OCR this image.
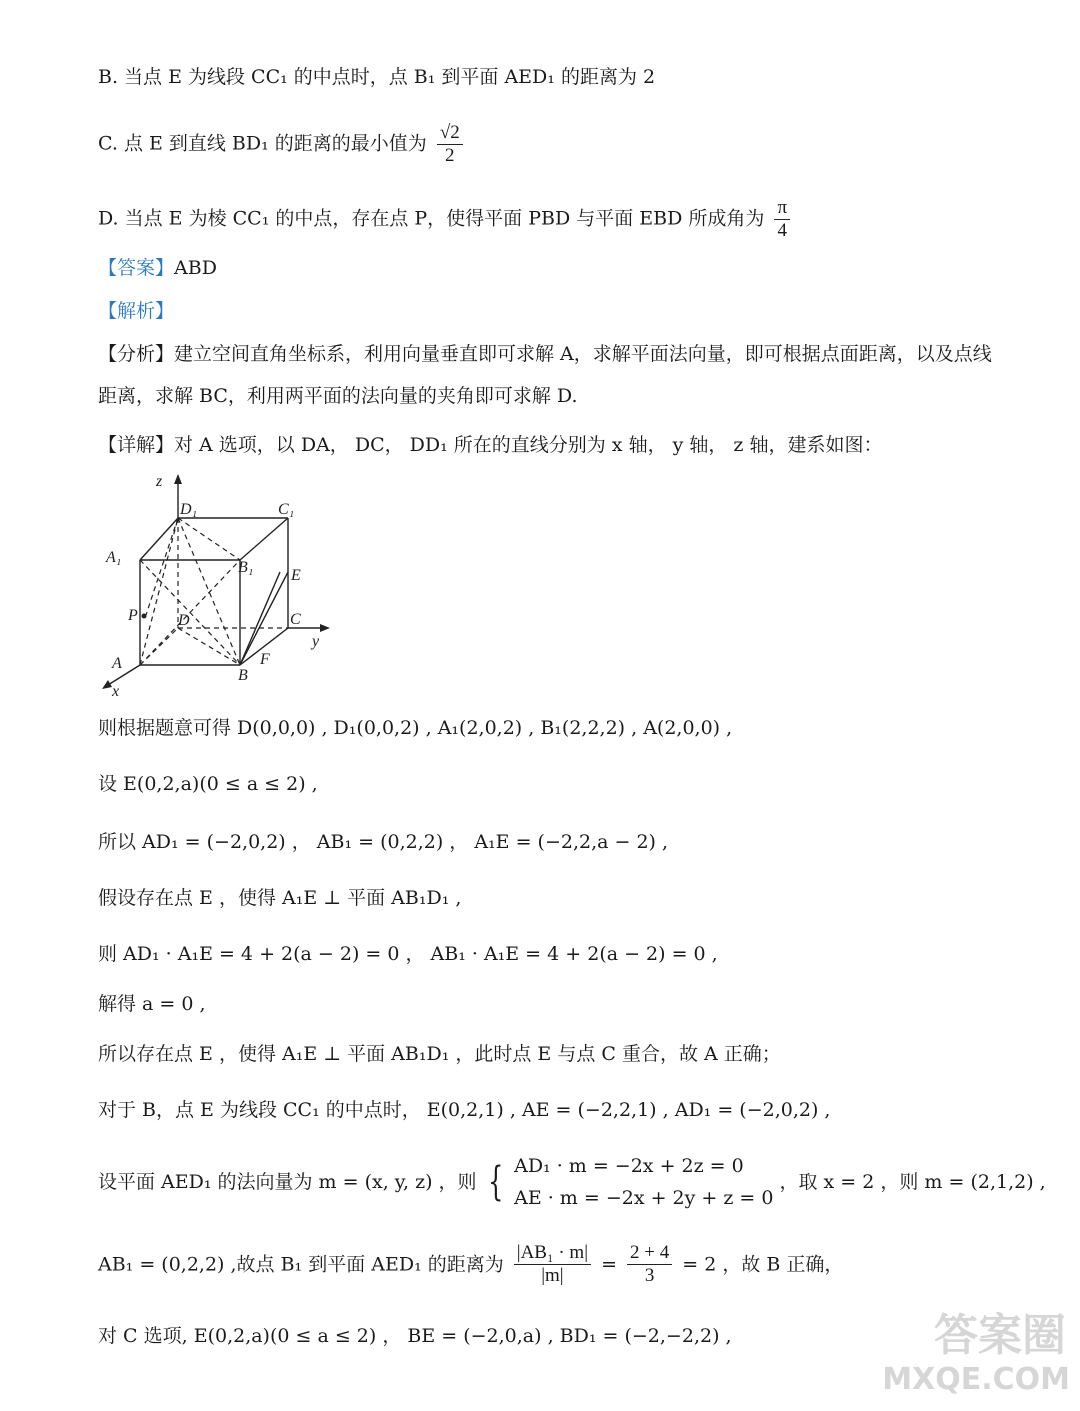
B. 当点 E 为线段 CC₁ 的中点时，点 B₁ 到平面 AED₁ 的距离为 2
C. 点 E 到直线 BD₁ 的距离的最小值为 $\frac{√2}{2}$
D. 当点 E 为棱 CC₁ 的中点，存在点 P，使得平面 PBD 与平面 EBD 所成角为 $\frac{\pi}{4}$
【答案】ABD
【解析】
【分析】建立空间直角坐标系，利用向量垂直即可求解 A，求解平面法向量，即可根据点面距离，以及点线
距离，求解 BC，利用两平面的法向量的夹角即可求解 D.
【详解】对 A 选项，以 DA， DC， DD₁ 所在的直线分别为 x 轴， y 轴， z 轴，建系如图：
z
D₁	C₁
A₁
B₁ E
P	D	C
y
F
A
B
x
则根据题意可得 D(0,0,0) , D₁(0,0,2) , A₁(2,0,2) , B₁(2,2,2) , A(2,0,0) ,
设 E(0,2,a)(0 ≤ a ≤ 2) ,
所以 AD₁ = (−2,0,2) ， AB₁ = (0,2,2) ， A₁E = (−2,2,a − 2) ,
假设存在点 E ，使得 A₁E ⊥ 平面 AB₁D₁ ,
则 AD₁ · A₁E = 4 + 2(a − 2) = 0 ， AB₁ · A₁E = 4 + 2(a − 2) = 0 ,
解得 a = 0 ,
所以存在点 E ，使得 A₁E ⊥ 平面 AB₁D₁ ，此时点 E 与点 C 重合，故 A 正确；
对于 B，点 E 为线段 CC₁ 的中点时， E(0,2,1) , AE = (−2,2,1) , AD₁ = (−2,0,2) ,
设平面 AED₁ 的法向量为 m = (x, y, z) ，则 { AD₁ · m = −2x + 2z = 0
AE · m = −2x + 2y + z = 0
，取 x = 2 ，则 m = (2,1,2) ,
AB₁ = (0,2,2) ,故点 B₁ 到平面 AED₁ 的距离为 $\frac{\text{|AB₁ · m|}}{|m|} = \frac{2 + 4}{3} = 2$ ，故 B 正确，
对 C 选项, E(0,2,a)(0 ≤ a ≤ 2) ， BE = (−2,0,a) , BD₁ = (−2,−2,2) ,	答案圈
MXQE.COM
